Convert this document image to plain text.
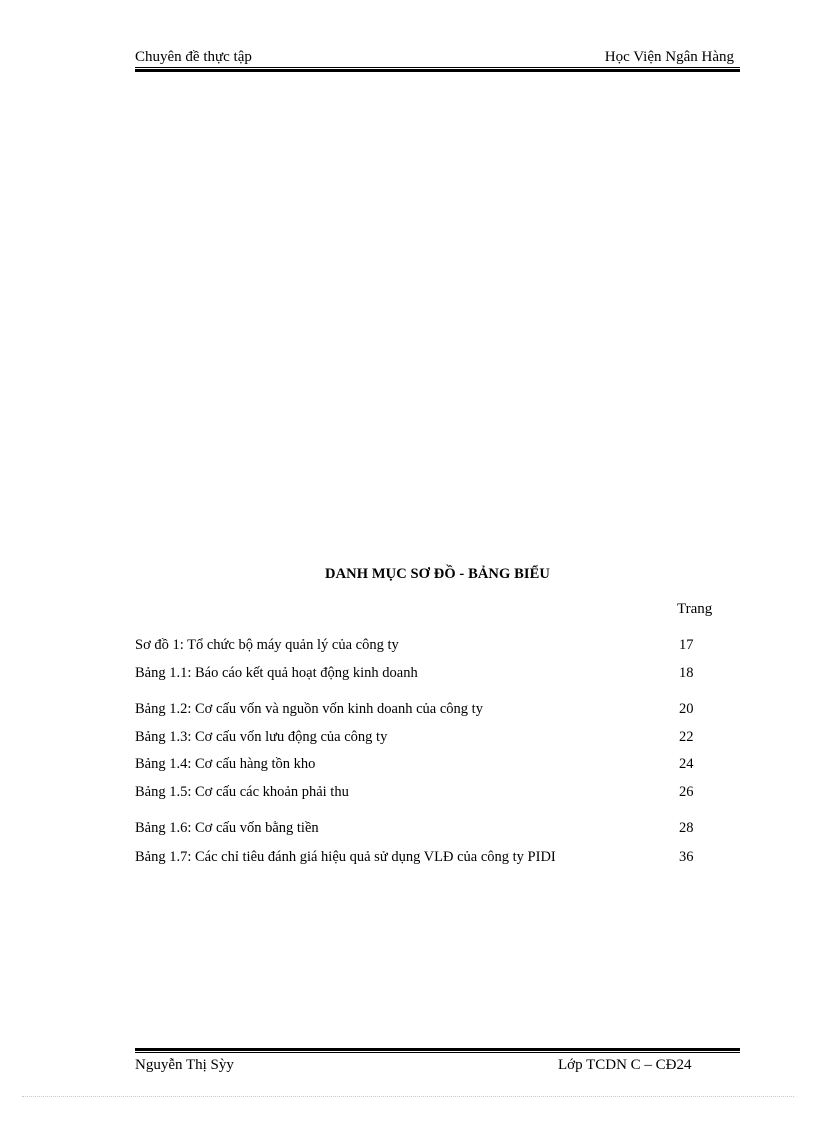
Chuyên đề thực tập	Học Viện Ngân Hàng
DANH MỤC SƠ ĐỒ - BẢNG BIỂU
Trang
Sơ đồ 1: Tổ chức bộ máy quản lý của công ty	17
Bảng 1.1: Báo cáo kết quả hoạt động kinh doanh	18
Bảng 1.2: Cơ cấu vốn và nguồn vốn kinh doanh của công ty	20
Bảng 1.3: Cơ cấu vốn lưu động của công ty	22
Bảng 1.4: Cơ cấu hàng tồn kho	24
Bảng 1.5: Cơ cấu các khoản phải thu	26
Bảng 1.6: Cơ cấu vốn bằng tiền	28
Bảng 1.7: Các chỉ tiêu đánh giá hiệu quả sử dụng VLĐ của công ty PIDI	36
Nguyễn Thị Sỳy	Lớp TCDN C – CĐ24
